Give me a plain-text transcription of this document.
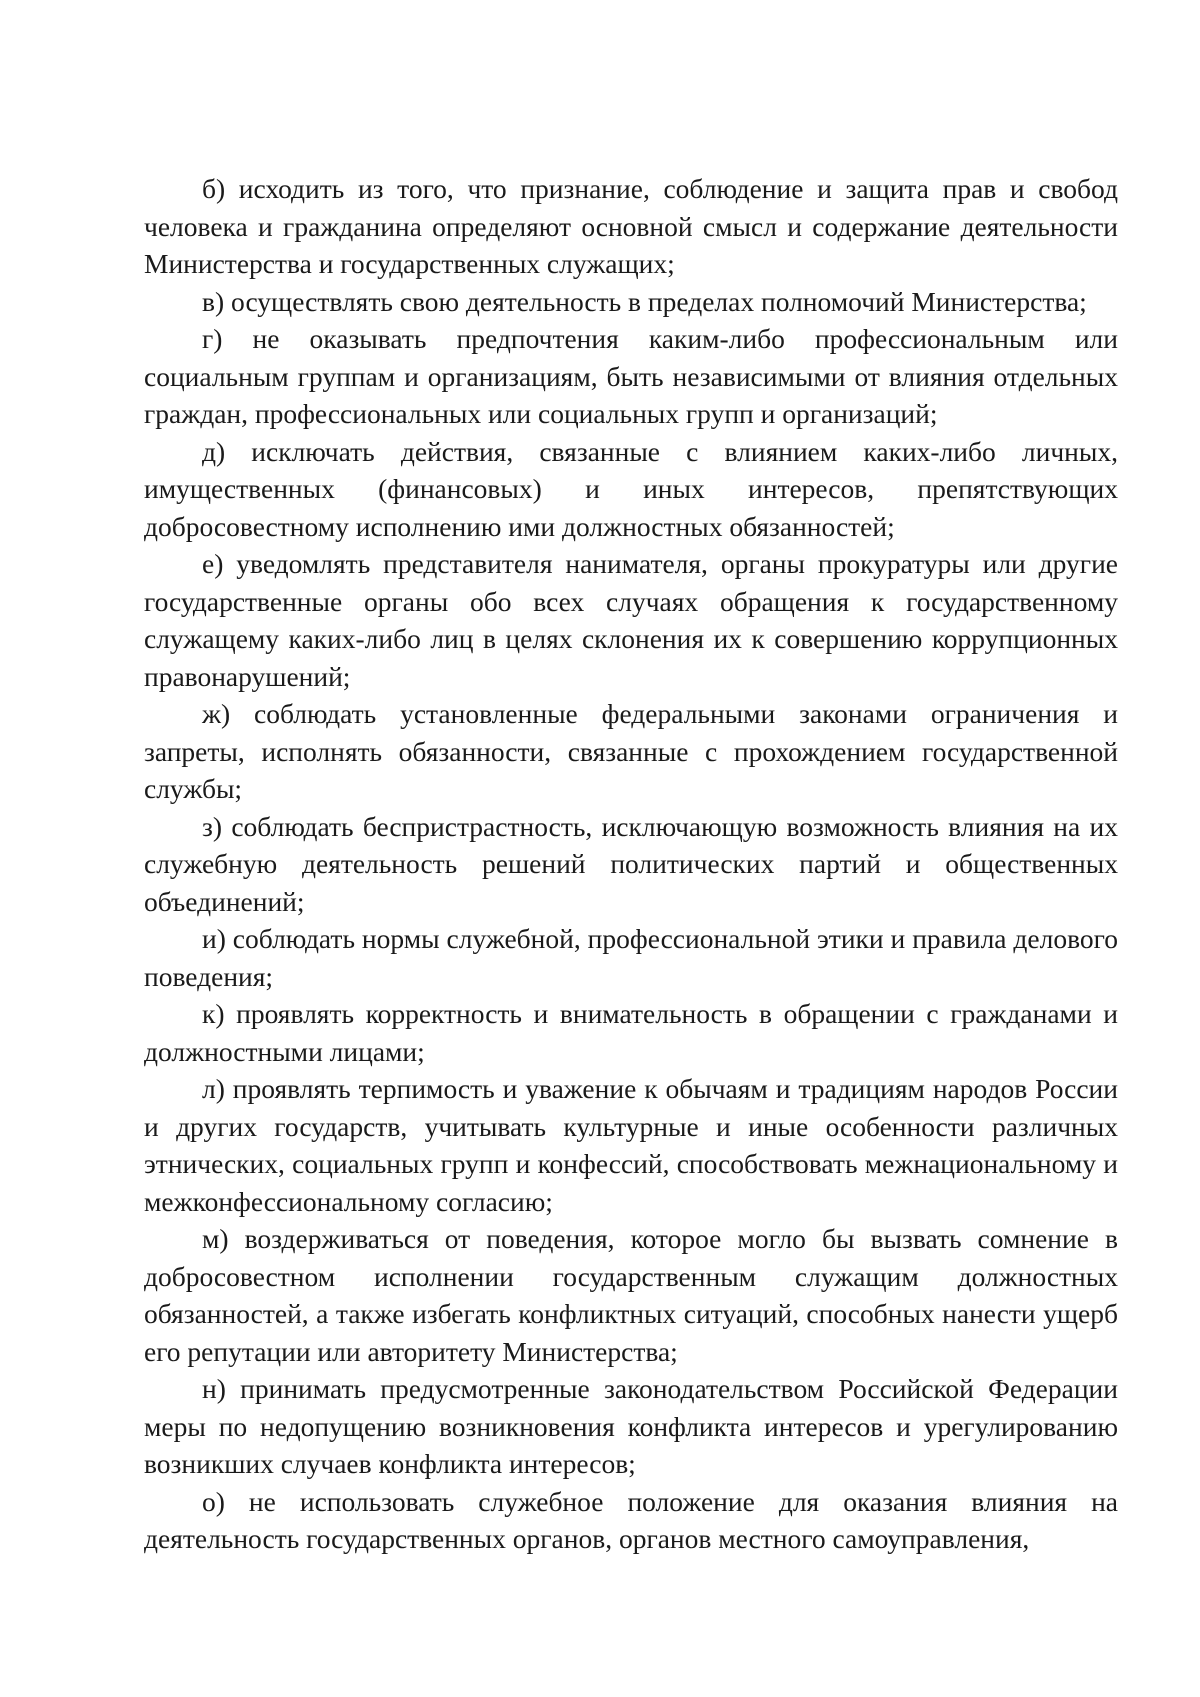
б) исходить из того, что признание, соблюдение и защита прав и свобод человека и гражданина определяют основной смысл и содержание деятельности Министерства и государственных служащих;

в) осуществлять свою деятельность в пределах полномочий Министерства;

г) не оказывать предпочтения каким-либо профессиональным или социальным группам и организациям, быть независимыми от влияния отдельных граждан, профессиональных или социальных групп и организаций;

д) исключать действия, связанные с влиянием каких-либо личных, имущественных (финансовых) и иных интересов, препятствующих добросовестному исполнению ими должностных обязанностей;

е) уведомлять представителя нанимателя, органы прокуратуры или другие государственные органы обо всех случаях обращения к государственному служащему каких-либо лиц в целях склонения их к совершению коррупционных правонарушений;

ж) соблюдать установленные федеральными законами ограничения и запреты, исполнять обязанности, связанные с прохождением государственной службы;

з) соблюдать беспристрастность, исключающую возможность влияния на их служебную деятельность решений политических партий и общественных объединений;

и) соблюдать нормы служебной, профессиональной этики и правила делового поведения;

к) проявлять корректность и внимательность в обращении с гражданами и должностными лицами;

л) проявлять терпимость и уважение к обычаям и традициям народов России и других государств, учитывать культурные и иные особенности различных этнических, социальных групп и конфессий, способствовать межнациональному и межконфессиональному согласию;

м) воздерживаться от поведения, которое могло бы вызвать сомнение в добросовестном исполнении государственным служащим должностных обязанностей, а также избегать конфликтных ситуаций, способных нанести ущерб его репутации или авторитету Министерства;

н) принимать предусмотренные законодательством Российской Федерации меры по недопущению возникновения конфликта интересов и урегулированию возникших случаев конфликта интересов;

о) не использовать служебное положение для оказания влияния на деятельность государственных органов, органов местного самоуправления,
